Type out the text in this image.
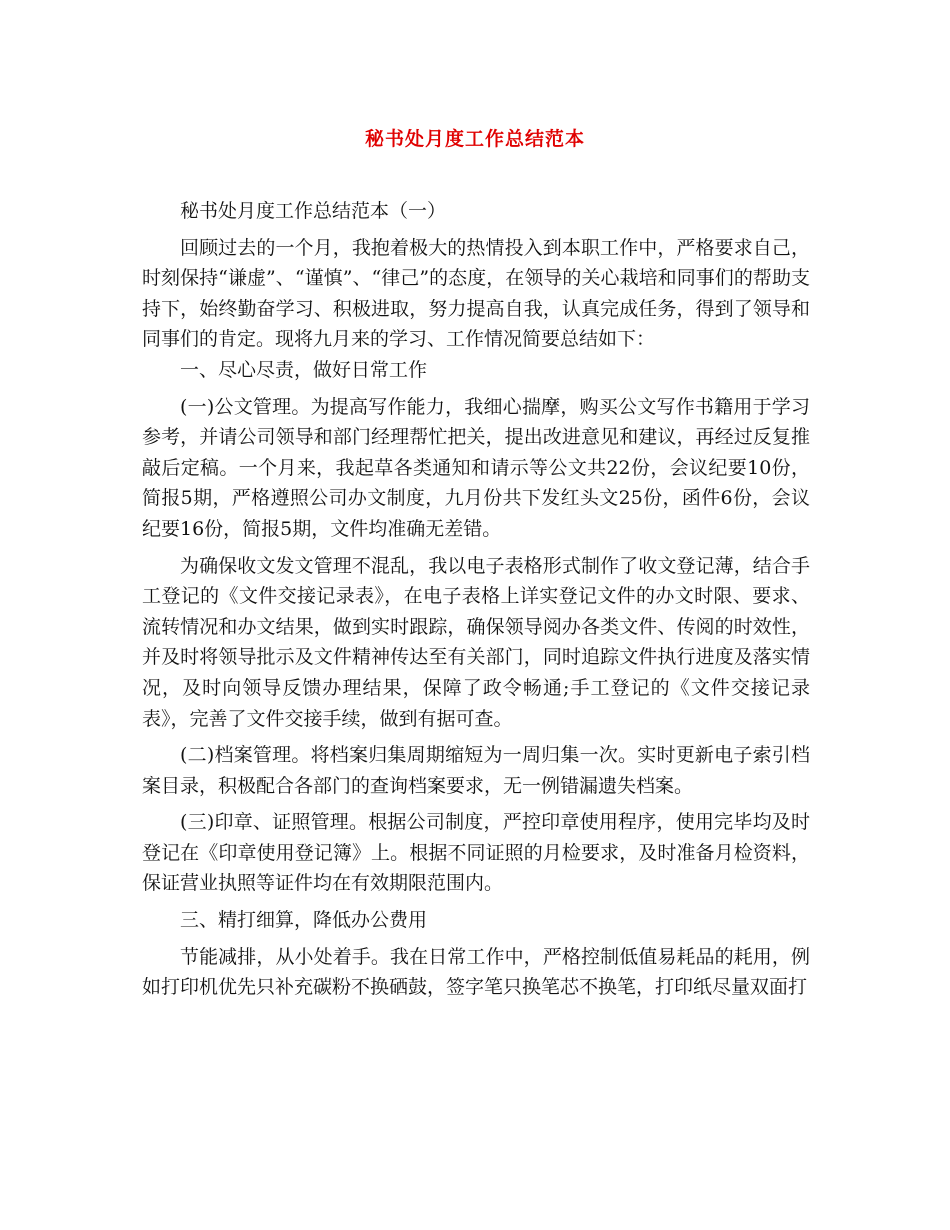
秘书处月度工作总结范本

秘书处月度工作总结范本（一）

回顾过去的一个月，我抱着极大的热情投入到本职工作中，严格要求自己，时刻保持“谦虚”、“谨慎”、“律己”的态度，在领导的关心栽培和同事们的帮助支持下，始终勤奋学习、积极进取，努力提高自我，认真完成任务，得到了领导和同事们的肯定。现将九月来的学习、工作情况简要总结如下：

一、尽心尽责，做好日常工作

(一)公文管理。为提高写作能力，我细心揣摩，购买公文写作书籍用于学习参考，并请公司领导和部门经理帮忙把关，提出改进意见和建议，再经过反复推敲后定稿。一个月来，我起草各类通知和请示等公文共22份，会议纪要10份，简报5期，严格遵照公司办文制度，九月份共下发红头文25份，函件6份，会议纪要16份，简报5期，文件均准确无差错。

为确保收文发文管理不混乱，我以电子表格形式制作了收文登记薄，结合手工登记的《文件交接记录表》，在电子表格上详实登记文件的办文时限、要求、流转情况和办文结果，做到实时跟踪，确保领导阅办各类文件、传阅的时效性，并及时将领导批示及文件精神传达至有关部门，同时追踪文件执行进度及落实情况，及时向领导反馈办理结果，保障了政令畅通;手工登记的《文件交接记录表》，完善了文件交接手续，做到有据可查。

(二)档案管理。将档案归集周期缩短为一周归集一次。实时更新电子索引档案目录，积极配合各部门的查询档案要求，无一例错漏遗失档案。

(三)印章、证照管理。根据公司制度，严控印章使用程序，使用完毕均及时登记在《印章使用登记簿》上。根据不同证照的月检要求，及时准备月检资料，保证营业执照等证件均在有效期限范围内。

三、精打细算，降低办公费用

节能减排，从小处着手。我在日常工作中，严格控制低值易耗品的耗用，例如打印机优先只补充碳粉不换硒鼓，签字笔只换笔芯不换笔，打印纸尽量双面打
